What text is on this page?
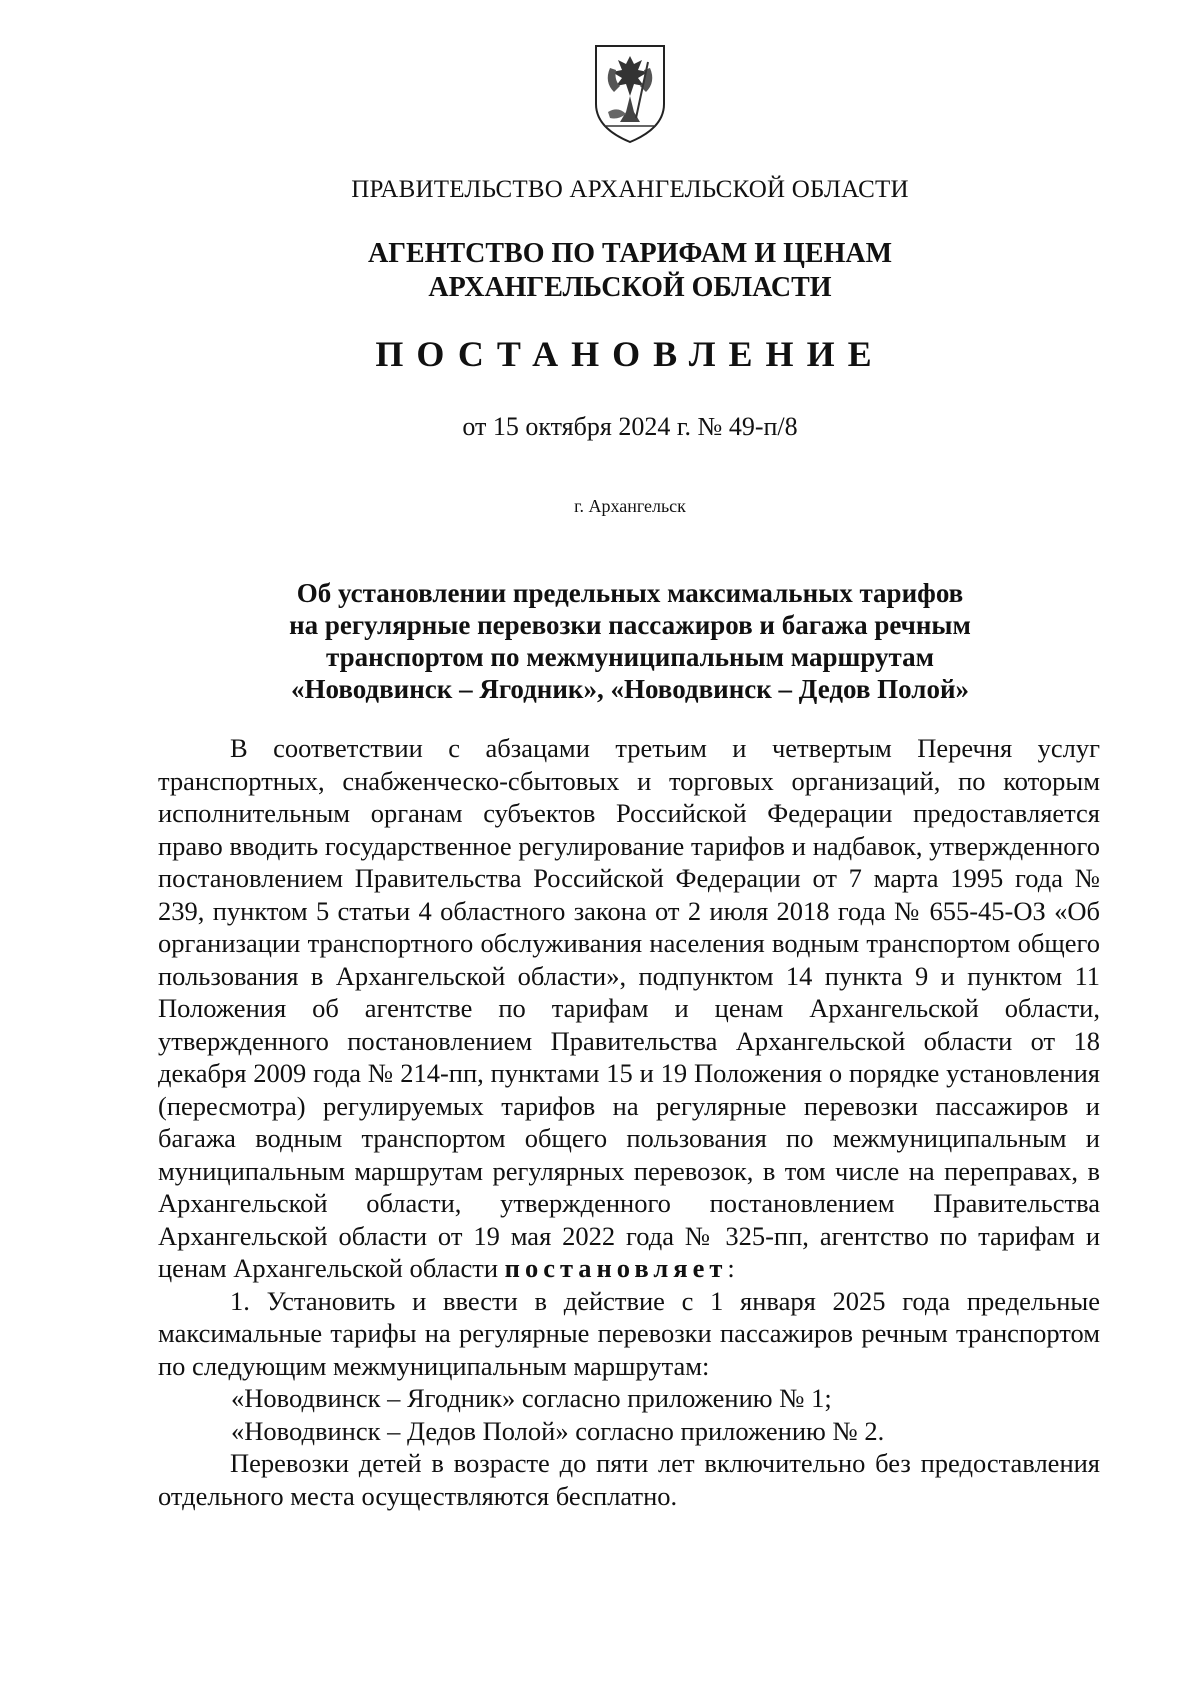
ПРАВИТЕЛЬСТВО АРХАНГЕЛЬСКОЙ ОБЛАСТИ
АГЕНТСТВО ПО ТАРИФАМ И ЦЕНАМ
АРХАНГЕЛЬСКОЙ ОБЛАСТИ
ПОСТАНОВЛЕНИЕ
от 15 октября 2024 г. № 49-п/8
г. Архангельск
Об установлении предельных максимальных тарифов
на регулярные перевозки пассажиров и багажа речным
транспортом по межмуниципальным маршрутам
«Новодвинск – Ягодник», «Новодвинск – Дедов Полой»

В соответствии с абзацами третьим и четвертым Перечня услуг транспортных, снабженческо-сбытовых и торговых организаций, по которым исполнительным органам субъектов Российской Федерации предоставляется право вводить государственное регулирование тарифов и надбавок, утвержденного постановлением Правительства Российской Федерации от 7 марта 1995 года № 239, пунктом 5 статьи 4 областного закона от 2 июля 2018 года № 655-45-ОЗ «Об организации транспортного обслуживания населения водным транспортом общего пользования в Архангельской области», подпунктом 14 пункта 9 и пунктом 11 Положения об агентстве по тарифам и ценам Архангельской области, утвержденного постановлением Правительства Архангельской области от 18 декабря 2009 года № 214-пп, пунктами 15 и 19 Положения о порядке установления (пересмотра) регулируемых тарифов на регулярные перевозки пассажиров и багажа водным транспортом общего пользования по межмуниципальным и муниципальным маршрутам регулярных перевозок, в том числе на переправах, в Архангельской области, утвержденного постановлением Правительства Архангельской области от 19 мая 2022 года № 325-пп, агентство по тарифам и ценам Архангельской области постановляет:

1. Установить и ввести в действие с 1 января 2025 года предельные максимальные тарифы на регулярные перевозки пассажиров речным транспортом по следующим межмуниципальным маршрутам:

«Новодвинск – Ягодник» согласно приложению № 1;

«Новодвинск – Дедов Полой» согласно приложению № 2.

Перевозки детей в возрасте до пяти лет включительно без предоставления отдельного места осуществляются бесплатно.
